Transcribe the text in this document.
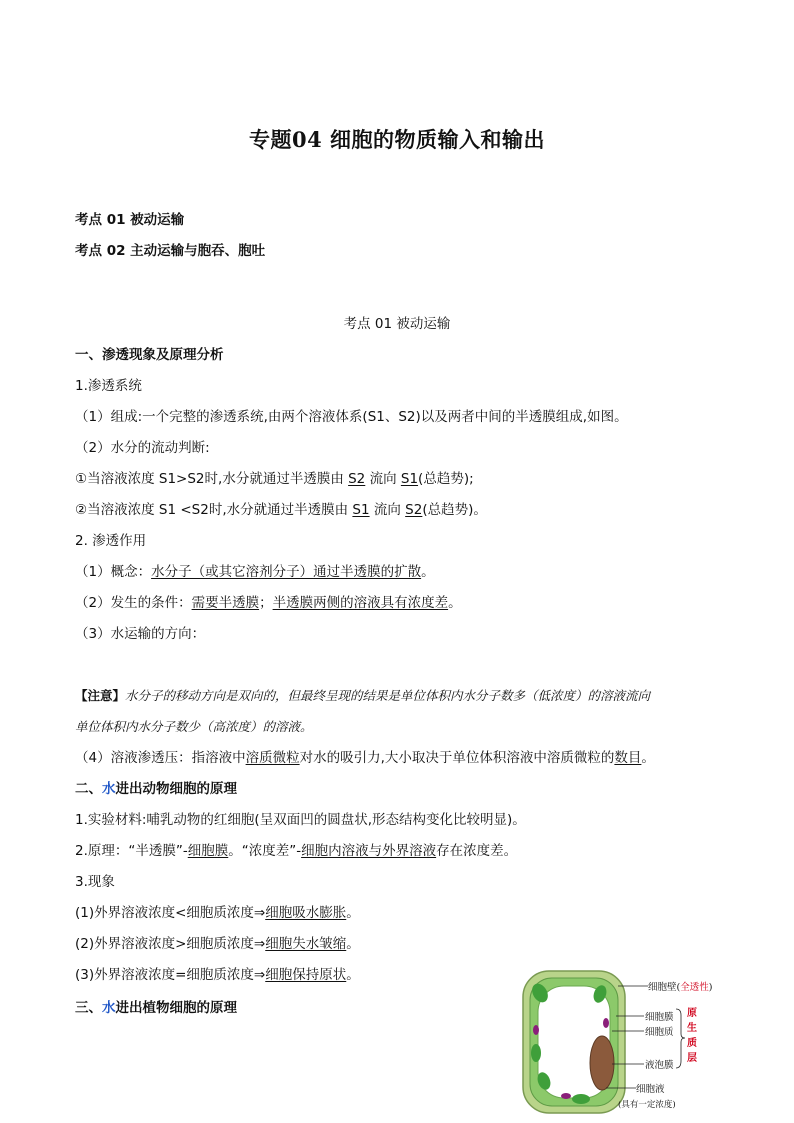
专题04 细胞的物质输入和输出
考点 01 被动运输
考点 02 主动运输与胞吞、胞吐
考点 01 被动运输
一、渗透现象及原理分析
1.渗透系统
（1）组成:一个完整的渗透系统,由两个溶液体系(S1、S2)以及两者中间的半透膜组成,如图。
（2）水分的流动判断:
①当溶液浓度 S1>S2时,水分就通过半透膜由 S2 流向 S1(总趋势);
②当溶液浓度 S1 <S2时,水分就通过半透膜由 S1 流向 S2(总趋势)。
2. 渗透作用
（1）概念：水分子（或其它溶剂分子）通过半透膜的扩散。
（2）发生的条件：需要半透膜；半透膜两侧的溶液具有浓度差。
（3）水运输的方向：
【注意】水分子的移动方向是双向的，但最终呈现的结果是单位体积内水分子数多（低浓度）的溶液流向
单位体积内水分子数少（高浓度）的溶液。
（4）溶液渗透压：指溶液中溶质微粒对水的吸引力,大小取决于单位体积溶液中溶质微粒的数目。
二、水进出动物细胞的原理
1.实验材料:哺乳动物的红细胞(呈双面凹的圆盘状,形态结构变化比较明显)。
2.原理：“半透膜”-细胞膜。“浓度差”-细胞内溶液与外界溶液存在浓度差。
3.现象
(1)外界溶液浓度<细胞质浓度⇒细胞吸水膨胀。
(2)外界溶液浓度>细胞质浓度⇒细胞失水皱缩。
(3)外界溶液浓度=细胞质浓度⇒细胞保持原状。
三、水进出植物细胞的原理
细胞壁(全透性)
细胞膜
细胞质
液泡膜
原
生
质
层
细胞液
(具有一定浓度)
